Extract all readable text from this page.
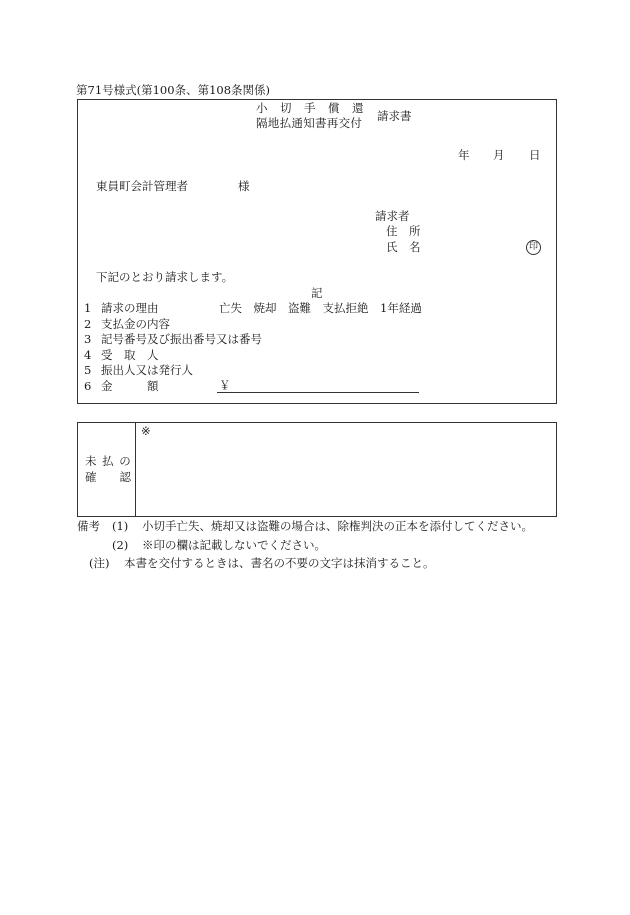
第71号様式(第100条、第108条関係)
小　切　手　償　還
隔地払通知書再交付 請求書
年 月 日
東員町会計管理者	様
請求者
住　所
氏　名	印
下記のとおり請求します。
記
1 請求の理由	亡失　焼却　盗難　支払拒絶　1年経過
2 支払金の内容
3 記号番号及び振出番号又は番号
4 受　取　人
5 振出人又は発行人
6 金　　　額	￥
未 払 の
確　　認
※
備考 (1) 小切手亡失、焼却又は盗難の場合は、除権判決の正本を添付してください。
(2) ※印の欄は記載しないでください。
(注) 本書を交付するときは、書名の不要の文字は抹消すること。
